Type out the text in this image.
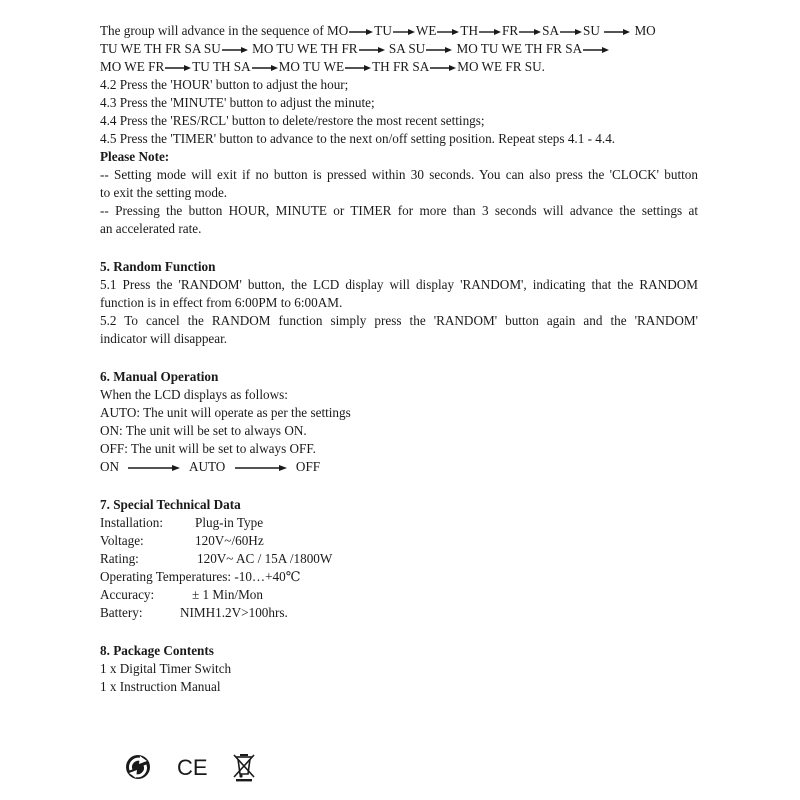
The group will advance in the sequence of MO TU WE TH FR SA SU	MO
TU WE TH FR SA SU MO TU WE TH FR SA SU MO TU WE TH FR SA
MO WE FR TU TH SA MO TU WE TH FR SA MO WE FR SU.
4.2 Press the 'HOUR' button to adjust the hour;
4.3 Press the 'MINUTE' button to adjust the minute;
4.4 Press the 'RES/RCL' button to delete/restore the most recent settings;
4.5 Press the 'TIMER' button to advance to the next on/off setting position. Repeat steps 4.1 - 4.4.
Please Note:
-- Setting mode will exit if no button is pressed within 30 seconds. You can also press the 'CLOCK' button
to exit the setting mode.
-- Pressing the button HOUR, MINUTE or TIMER for more than 3 seconds will advance the settings at
an accelerated rate.
5. Random Function
5.1 Press the 'RANDOM' button, the LCD display will display 'RANDOM', indicating that the RANDOM
function is in effect from 6:00PM to 6:00AM.
5.2 To cancel the RANDOM function simply press the 'RANDOM' button again and the 'RANDOM'
indicator will disappear.
6. Manual Operation
When the LCD displays as follows:
AUTO: The unit will operate as per the settings
ON: The unit will be set to always ON.
OFF: The unit will be set to always OFF.
ON	AUTO	OFF
7. Special Technical Data
Installation: Plug-in Type
Voltage:	120V~/60Hz
Rating:	120V~ AC / 15A /1800W
Operating Temperatures: -10…+40℃
Accuracy:	± 1 Min/Mon
Battery:	NIMH1.2V>100hrs.
8. Package Contents
1 x Digital Timer Switch
1 x Instruction Manual
CE
